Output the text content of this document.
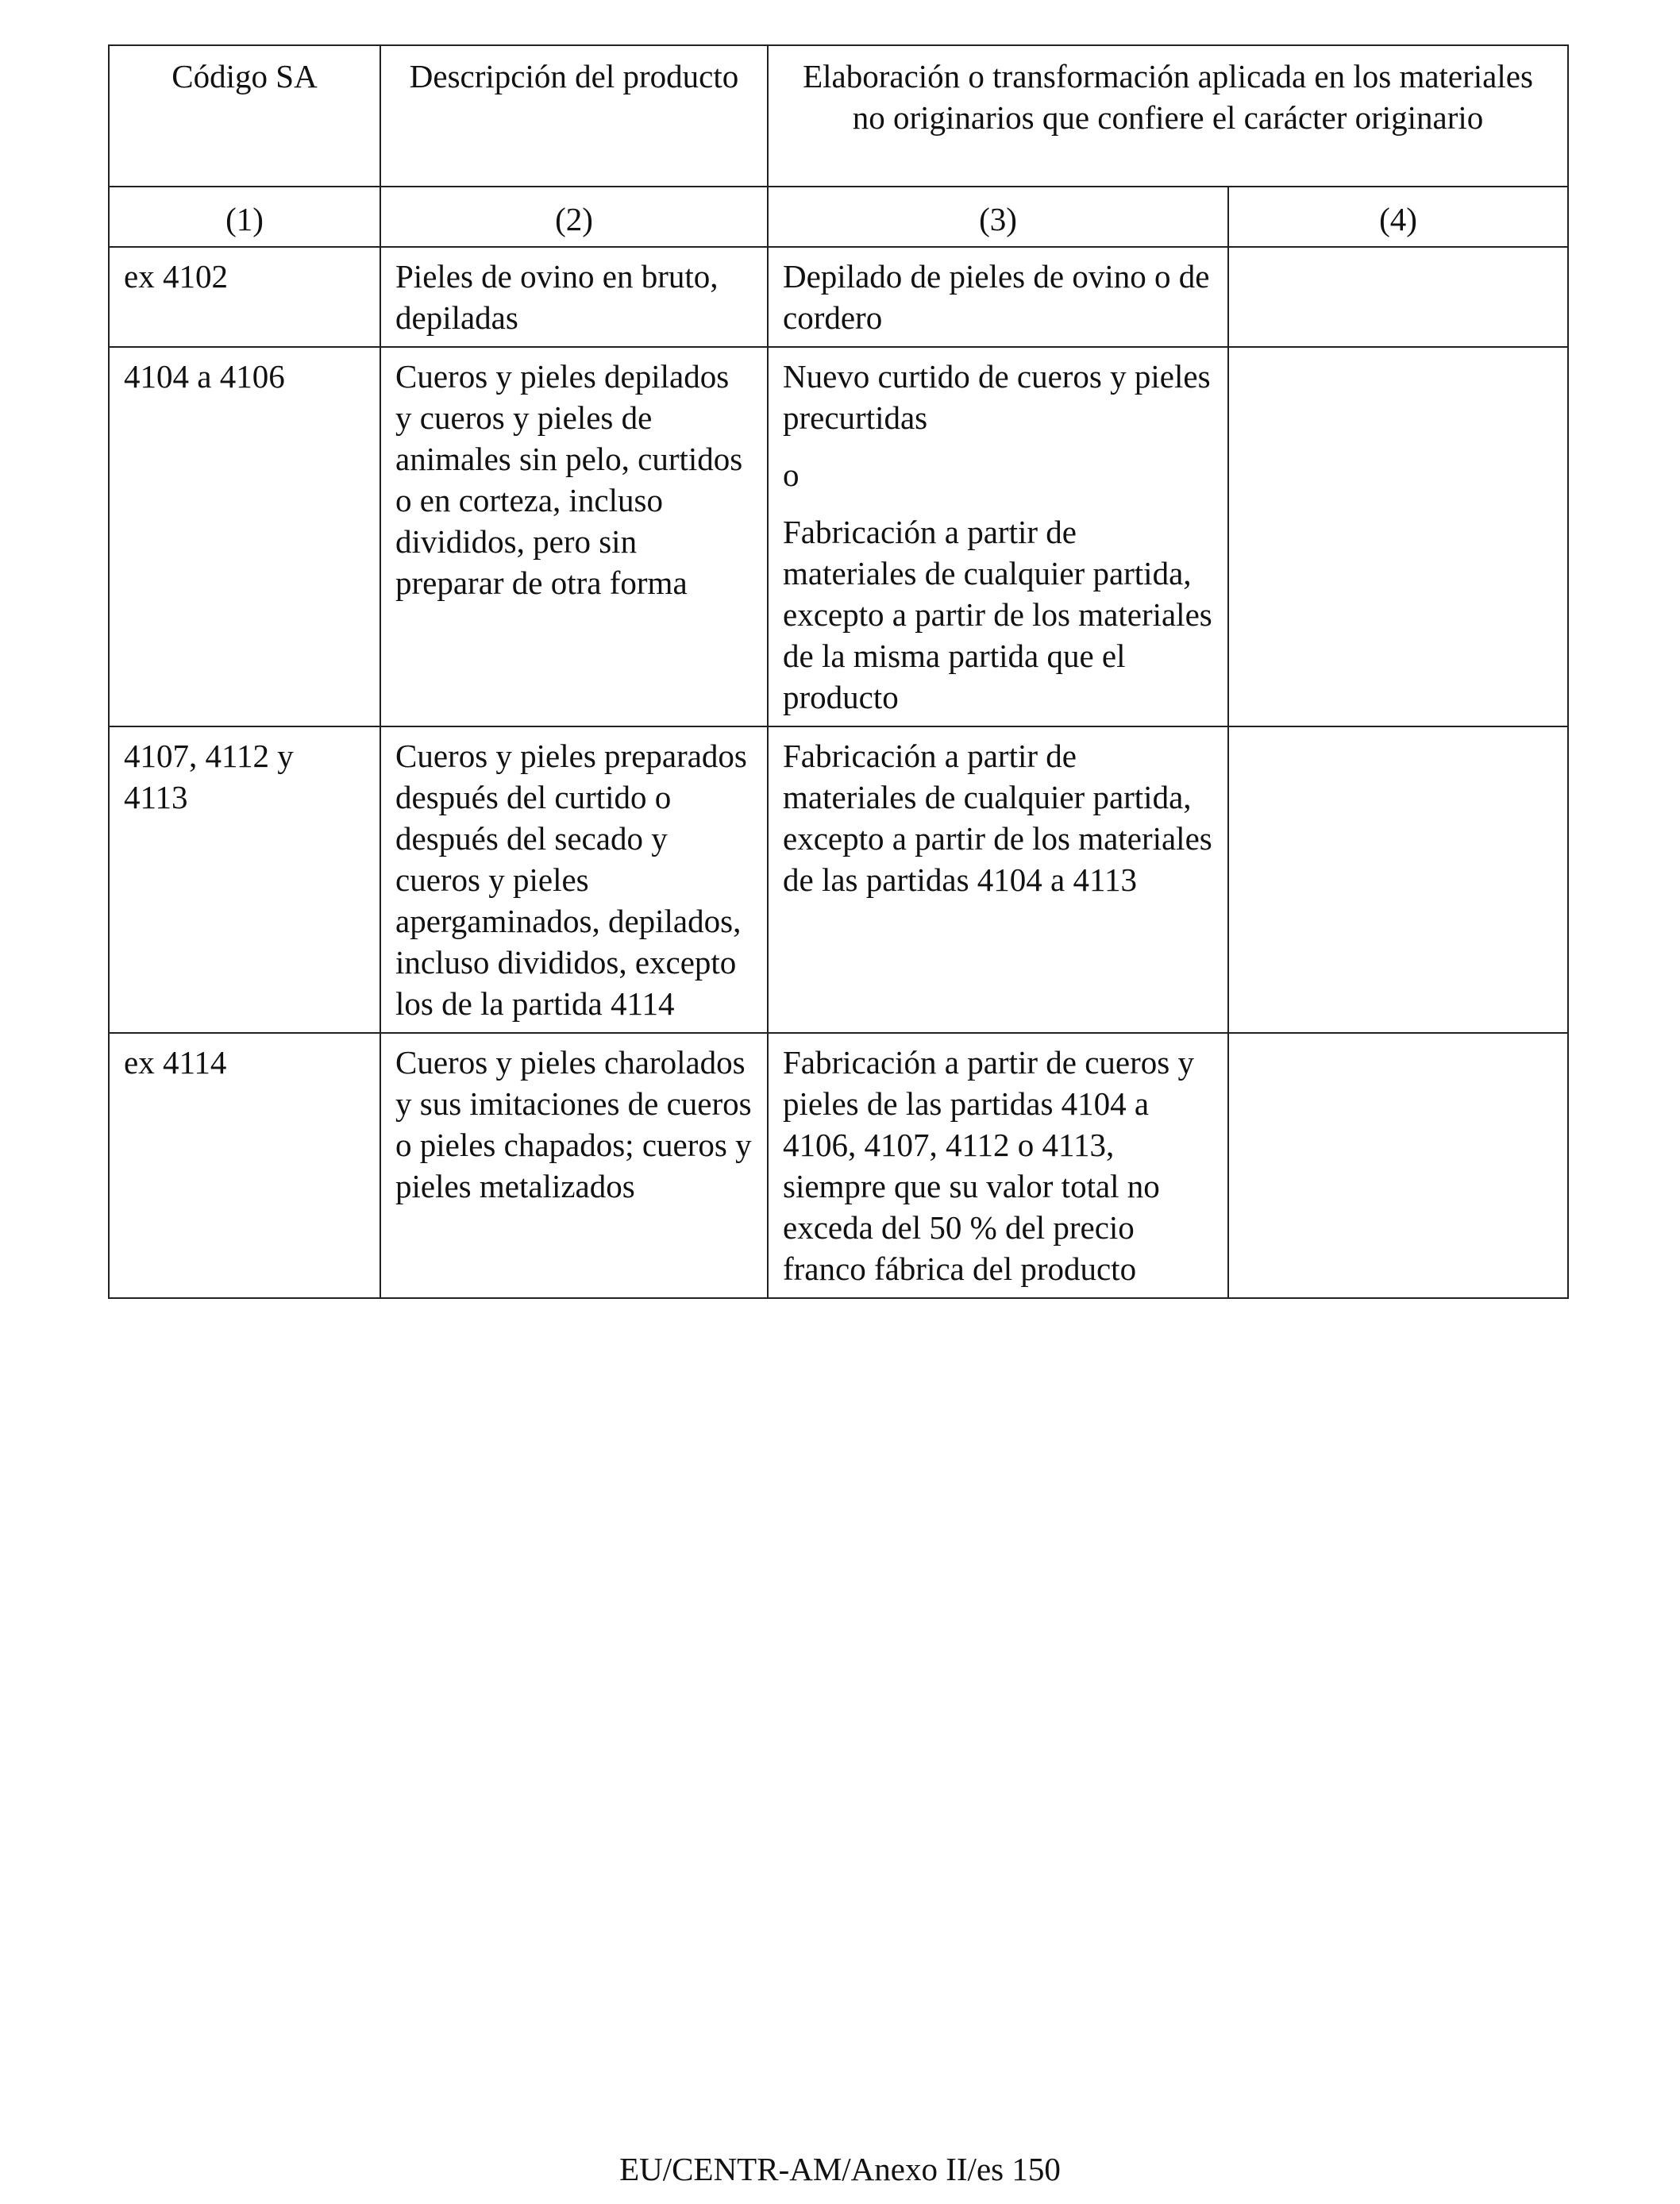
Código SA	Descripción del producto	Elaboración o transformación aplicada en los materiales no originarios que confiere el carácter originario	
(1)	(2)	(3)	(4)
ex 4102	Pieles de ovino en bruto, depiladas	Depilado de pieles de ovino o de cordero	

4104 a 4106	Cueros y pieles depilados y cueros y pieles de animales sin pelo, curtidos o en corteza, incluso divididos, pero sin preparar de otra forma	Nuevo curtido de cueros y pieles precurtidas
o
Fabricación a partir de materiales de cualquier partida, excepto a partir de los materiales de la misma partida que el producto	

4107, 4112 y 4113	Cueros y pieles preparados después del curtido o después del secado y cueros y pieles apergaminados, depilados, incluso divididos, excepto los de la partida 4114	Fabricación a partir de materiales de cualquier partida, excepto a partir de los materiales de las partidas 4104 a 4113	

ex 4114	Cueros y pieles charolados y sus imitaciones de cueros o pieles chapados; cueros y pieles metalizados	Fabricación a partir de cueros y pieles de las partidas 4104 a 4106, 4107, 4112 o 4113, siempre que su valor total no exceda del 50 % del precio franco fábrica del producto	

EU/CENTR-AM/Anexo II/es 150
